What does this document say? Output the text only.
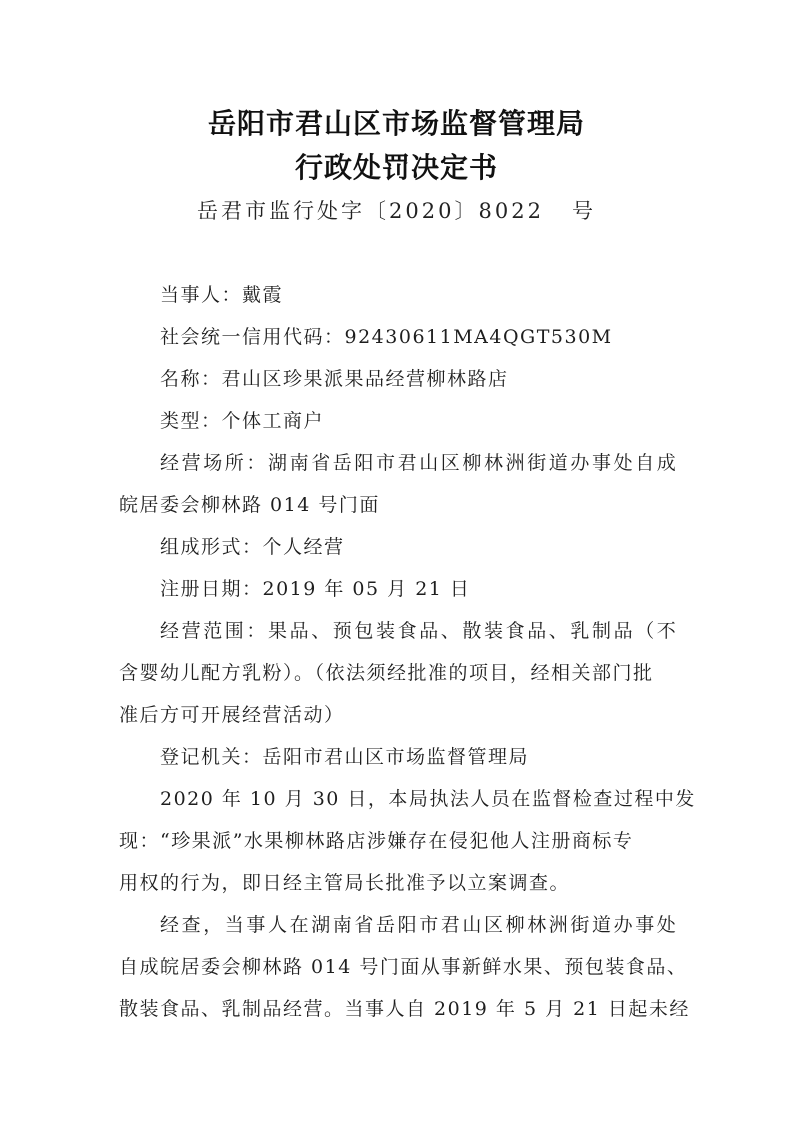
岳阳市君山区市场监督管理局
行政处罚决定书
岳君市监行处字〔2020〕8022 号
当事人：戴霞
社会统一信用代码：92430611MA4QGT530M
名称：君山区珍果派果品经营柳林路店
类型：个体工商户
经营场所：湖南省岳阳市君山区柳林洲街道办事处自成
皖居委会柳林路 014 号门面
组成形式：个人经营
注册日期：2019 年 05 月 21 日
经营范围：果品、预包装食品、散装食品、乳制品（不
含婴幼儿配方乳粉）。（依法须经批准的项目，经相关部门批
准后方可开展经营活动）
登记机关：岳阳市君山区市场监督管理局
2020 年 10 月 30 日，本局执法人员在监督检查过程中发
现：“珍果派”水果柳林路店涉嫌存在侵犯他人注册商标专
用权的行为，即日经主管局长批准予以立案调查。
经查，当事人在湖南省岳阳市君山区柳林洲街道办事处
自成皖居委会柳林路 014 号门面从事新鲜水果、预包装食品、
散装食品、乳制品经营。当事人自 2019 年 5 月 21 日起未经
